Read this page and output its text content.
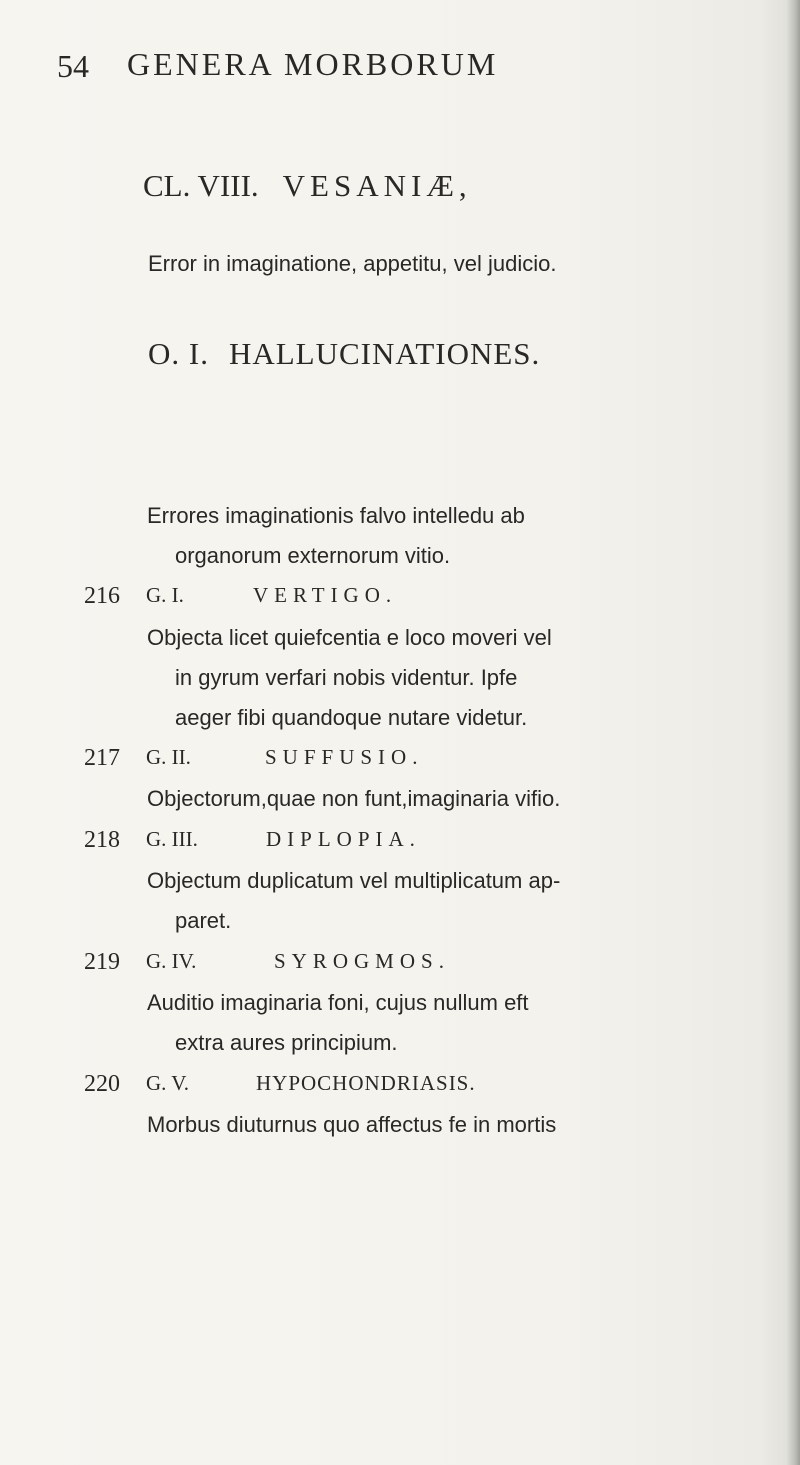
54 GENERA MORBORUM
CL. VIII. VESANIÆ,
Error in imaginatione, appetitu, vel judicio.
O. I. HALLUCINATIONES.
Errores imaginationis falvo intelledu ab
organorum externorum vitio.
216 G. I.	VERTIGO.
Objecta licet quiefcentia e loco moveri vel
in gyrum verfari nobis videntur. Ipfe
aeger fibi quandoque nutare videtur.
217 G. II.	SUFFUSIO.
Objectorum,quae non funt,imaginaria vifio.
218 G. III.	DIPLOPIA.
Objectum duplicatum vel multiplicatum ap-
paret.
219 G. IV.	SYROGMOS.
Auditio imaginaria foni, cujus nullum eft
extra aures principium.
220 G. V.	HYPOCHONDRIASIS.
Morbus diuturnus quo affectus fe in mortis
